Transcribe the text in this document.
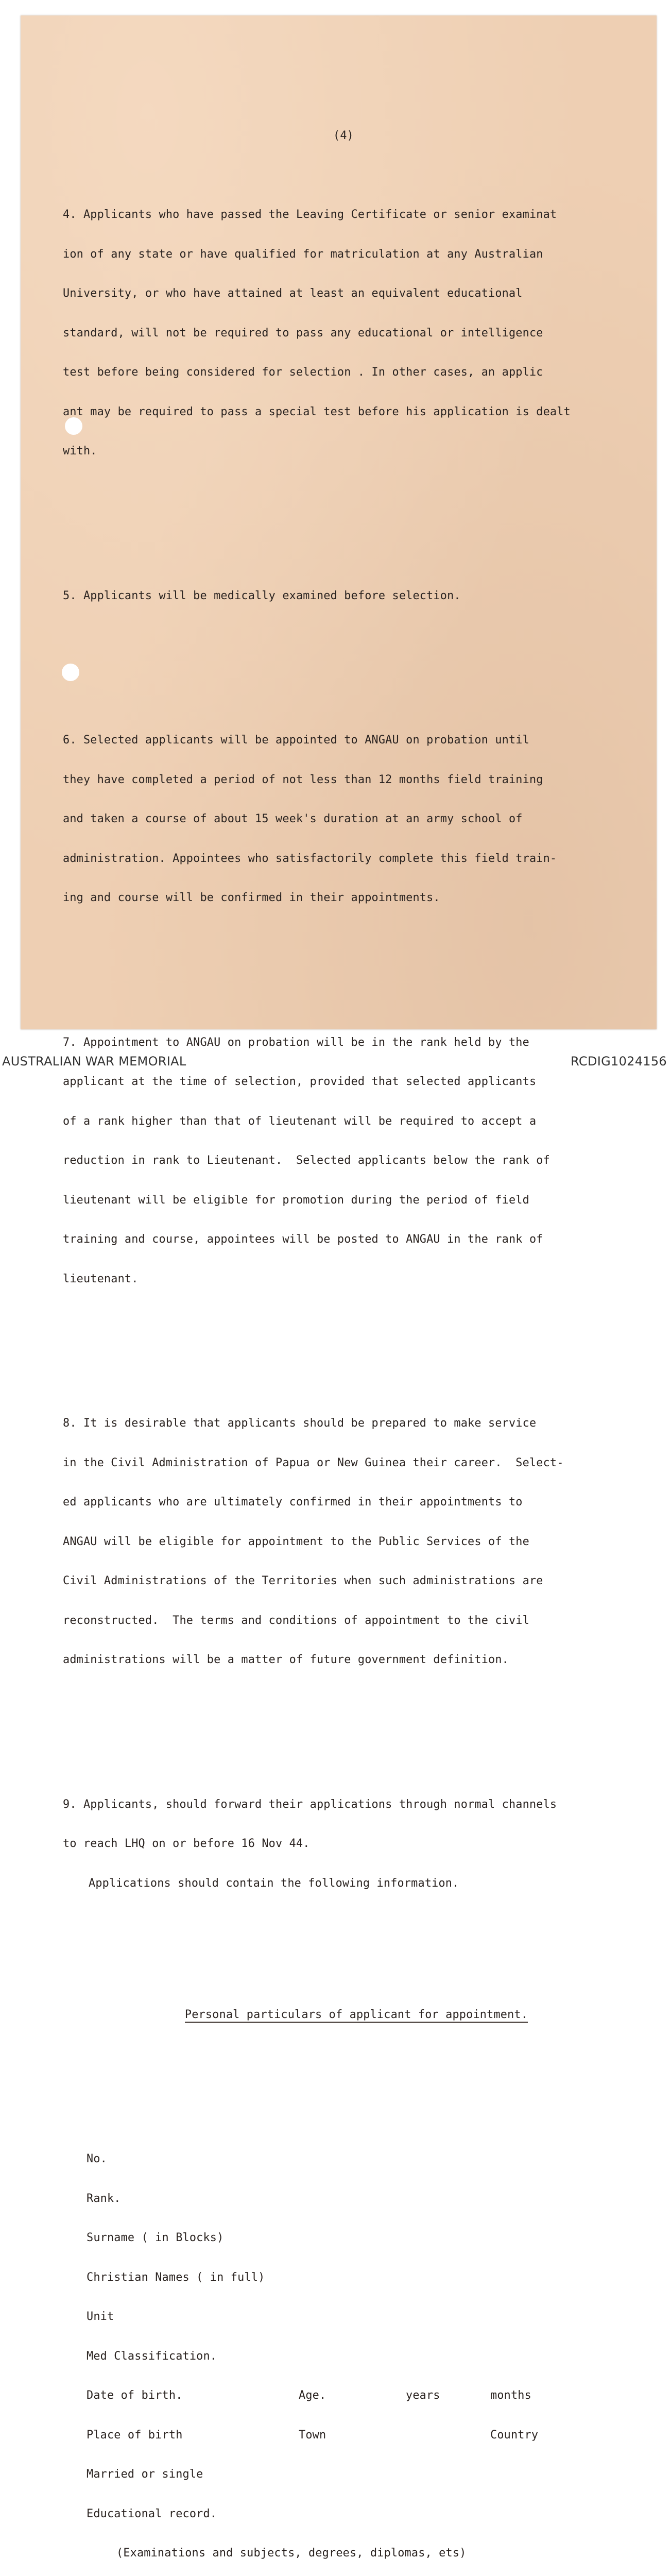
(4)

4. Applicants who have passed the Leaving Certificate or senior examinat

ion of any state or have qualified for matriculation at any Australian

University, or who have attained at least an equivalent educational

standard, will not be required to pass any educational or intelligence

test before being considered for selection . In other cases, an applic

ant may be required to pass a special test before his application is dealt

with.

5. Applicants will be medically examined before selection.

6. Selected applicants will be appointed to ANGAU on probation until

they have completed a period of not less than 12 months field training

and taken a course of about 15 week's duration at an army school of

administration. Appointees who satisfactorily complete this field train-

ing and course will be confirmed in their appointments.

7. Appointment to ANGAU on probation will be in the rank held by the

applicant at the time of selection, provided that selected applicants

of a rank higher than that of lieutenant will be required to accept a

reduction in rank to Lieutenant.  Selected applicants below the rank of

lieutenant will be eligible for promotion during the period of field

training and course, appointees will be posted to ANGAU in the rank of

lieutenant.

8. It is desirable that applicants should be prepared to make service

in the Civil Administration of Papua or New Guinea their career.  Select-

ed applicants who are ultimately confirmed in their appointments to

ANGAU will be eligible for appointment to the Public Services of the

Civil Administrations of the Territories when such administrations are

reconstructed.  The terms and conditions of appointment to the civil

administrations will be a matter of future government definition.

9. Applicants, should forward their applications through normal channels

to reach LHQ on or before 16 Nov 44.

Applications should contain the following information.

Personal particulars of applicant for appointment.

No.

Rank.

Surname ( in Blocks)

Christian Names ( in full)

Unit

Med Classification.

Date of birth.	Age.	years	months

Place of birth	Town	Country

Married or single

Educational record.

(Examinations and subjects, degrees, diplomas, ets)

AUSTRALIAN WAR MEMORIAL	RCDIG1024156
